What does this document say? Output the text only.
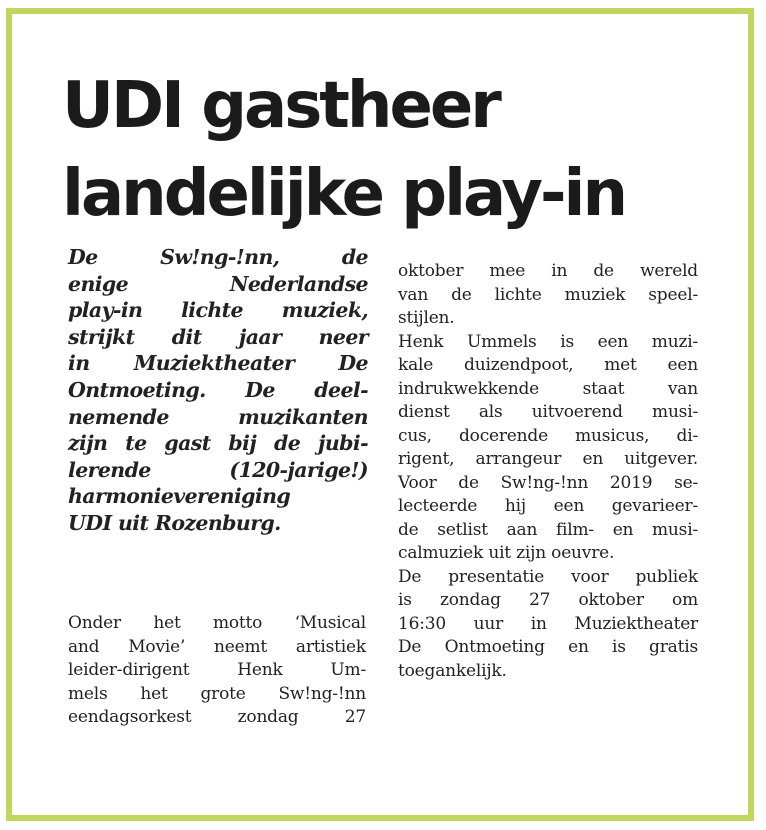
UDI gastheer
landelijke play-in
De Sw!ng-!nn, de
enige Nederlandse
play-in lichte muziek,
strijkt dit jaar neer
in Muziektheater De
Ontmoeting. De deel-
nemende muzikanten
zijn te gast bij de jubi-
lerende (120-jarige!)
harmonievereniging
UDI uit Rozenburg.
Onder het motto ‘Musical
and Movie’ neemt artistiek
leider-dirigent Henk Um-
mels het grote Sw!ng-!nn
eendagsorkest zondag 27
oktober mee in de wereld
van de lichte muziek speel-
stijlen.
Henk Ummels is een muzi-
kale duizendpoot, met een
indrukwekkende staat van
dienst als uitvoerend musi-
cus, docerende musicus, di-
rigent, arrangeur en uitgever.
Voor de Sw!ng-!nn 2019 se-
lecteerde hij een gevarieer-
de setlist aan film- en musi-
calmuziek uit zijn oeuvre.
De presentatie voor publiek
is zondag 27 oktober om
16:30 uur in Muziektheater
De Ontmoeting en is gratis
toegankelijk.
